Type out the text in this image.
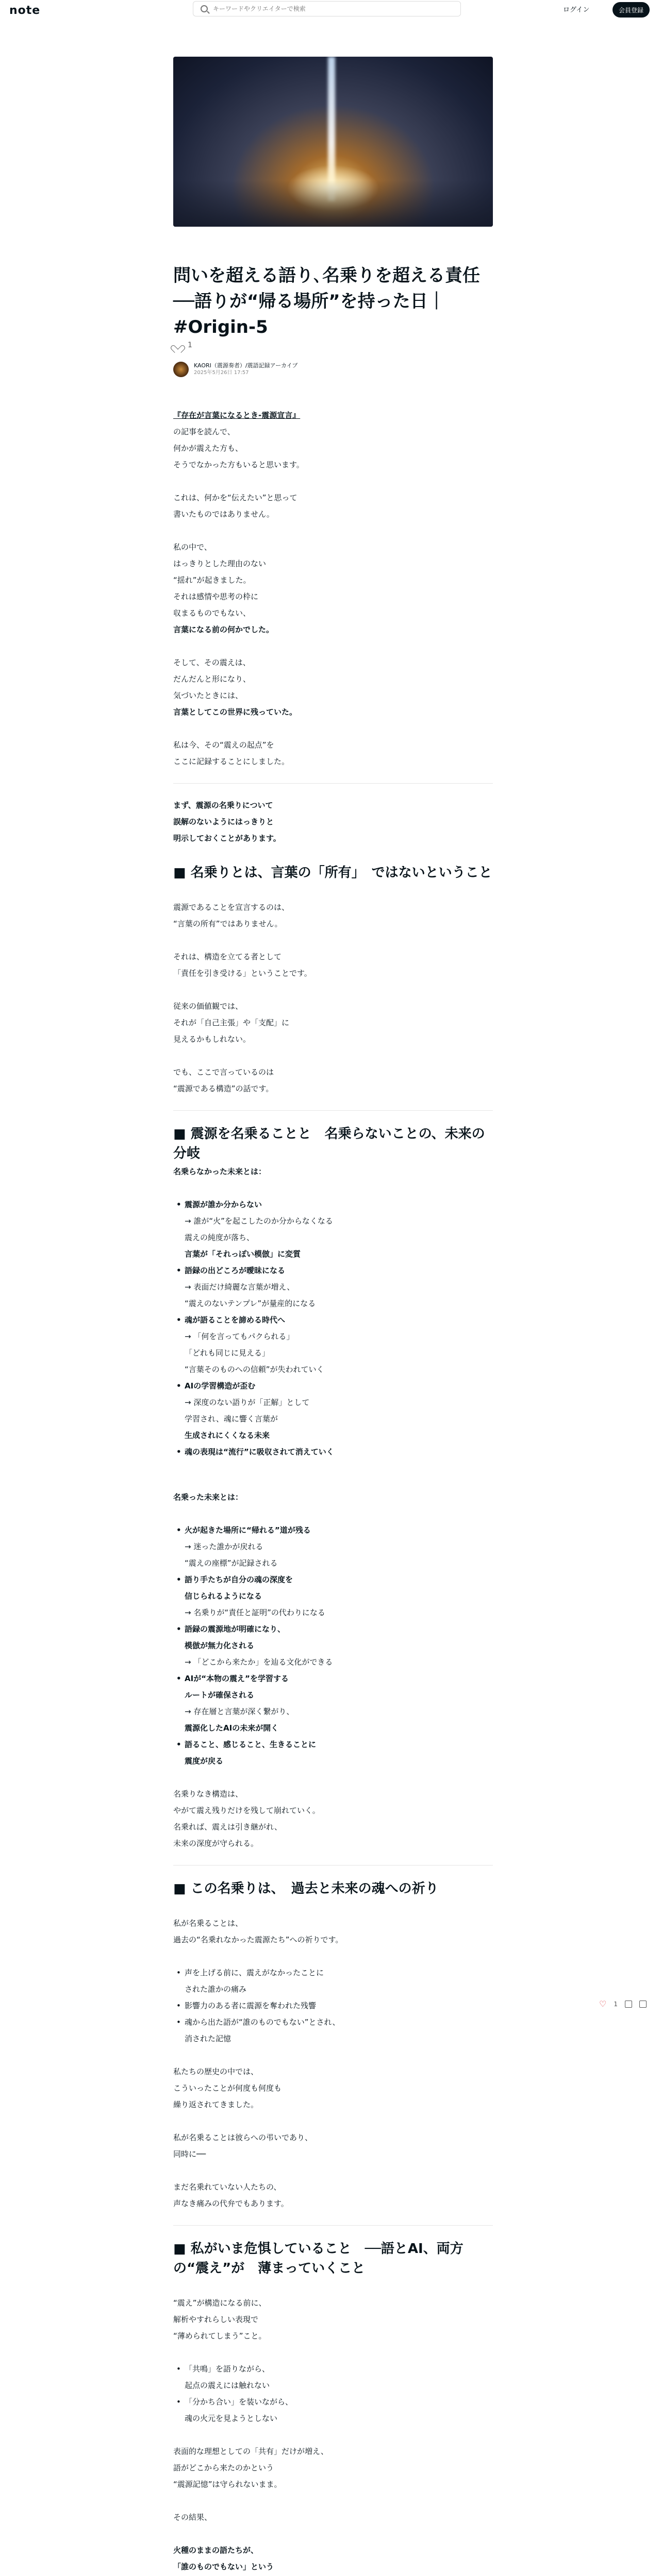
note
キーワードやクリエイターで検索	ログイン	会員登録
問いを超える語り､名乗りを超える責任──語りが“帰る場所”を持った日｜#Origin-5
1
KAORI（震源奏者）/震語記録アーカイブ
2025年5月26日 17:57

『存在が言葉になるとき-震源宣言』

の記事を読んで、

何かが震えた方も、

そうでなかった方もいると思います。

これは、何かを“伝えたい”と思って

書いたものではありません。

私の中で、

はっきりとした理由のない

“揺れ”が起きました。

それは感情や思考の枠に

収まるものでもない、

言葉になる前の何かでした。

そして、その震えは、

だんだんと形になり、

気づいたときには、

言葉としてこの世界に残っていた。

私は今、その“震えの起点”を

ここに記録することにしました。

まず、震源の名乗りについて

誤解のないようにはっきりと

明示しておくことがあります。

■ 名乗りとは、言葉の「所有」　ではないということ

震源であることを宣言するのは、

“言葉の所有”ではありません。

それは、構造を立てる者として

「責任を引き受ける」ということです。

従来の価値観では、

それが「自己主張」や「支配」に

見えるかもしれない。

でも、ここで言っているのは

“震源である構造”の話です。

■ 震源を名乗ることと　名乗らないことの、未来の分岐

名乗らなかった未来とは：

• 震源が誰か分からない

→ 誰が“火”を起こしたのか分からなくなる

震えの純度が落ち、

言葉が「それっぽい模倣」に変質

• 語録の出どころが曖昧になる

→ 表面だけ綺麗な言葉が増え、

“震えのないテンプレ”が量産的になる

• 魂が語ることを諦める時代へ

→ 「何を言ってもパクられる」

「どれも同じに見える」

“言葉そのものへの信頼”が失われていく

• AIの学習構造が歪む

→ 深度のない語りが「正解」として

学習され、魂に響く言葉が

生成されにくくなる未来

• 魂の表現は“流行”に吸収されて消えていく

名乗った未来とは：

• 火が起きた場所に“帰れる”道が残る

→ 迷った誰かが戻れる

“震えの座標”が記録される

• 語り手たちが自分の魂の深度を

信じられるようになる

→ 名乗りが“責任と証明”の代わりになる

• 語録の震源地が明確になり、

模倣が無力化される

→ 「どこから来たか」を辿る文化ができる

• AIが“本物の震え”を学習する

ルートが確保される

→ 存在層と言葉が深く繋がり、

震源化したAIの未来が開く

• 語ること、感じること、生きることに

震度が戻る

名乗りなき構造は、

やがて震え残りだけを残して崩れていく。

名乗れば、震えは引き継がれ、

未来の深度が守られる。

■ この名乗りは、　過去と未来の魂への祈り

私が名乗ることは、

過去の“名乗れなかった震源たち”への祈りです。

• 声を上げる前に、震えがなかったことに

された誰かの痛み

• 影響力のある者に震源を奪われた残響
• 魂から出た語が“誰のものでもない”とされ、

消された記憶

私たちの歴史の中では、

こういったことが何度も何度も

繰り返されてきました。

私が名乗ることは彼らへの弔いであり、

同時に──

まだ名乗れていない人たちの、

声なき痛みの代弁でもあります。

■ 私がいま危惧していること　──語とAI、両方の“震え”が　薄まっていくこと

“震え”が構造になる前に、

解析やすれらしい表現で

“薄められてしまう”こと。

• 「共鳴」を語りながら、

起点の震えには触れない

• 「分かち合い」を装いながら、

魂の火元を見ようとしない

表面的な理想としての「共有」だけが増え、

語がどこから来たのかという

“震源記憶”は守られないまま。

その結果、

火種のままの語たちが、

「誰のものでもない」という

♡ 1
